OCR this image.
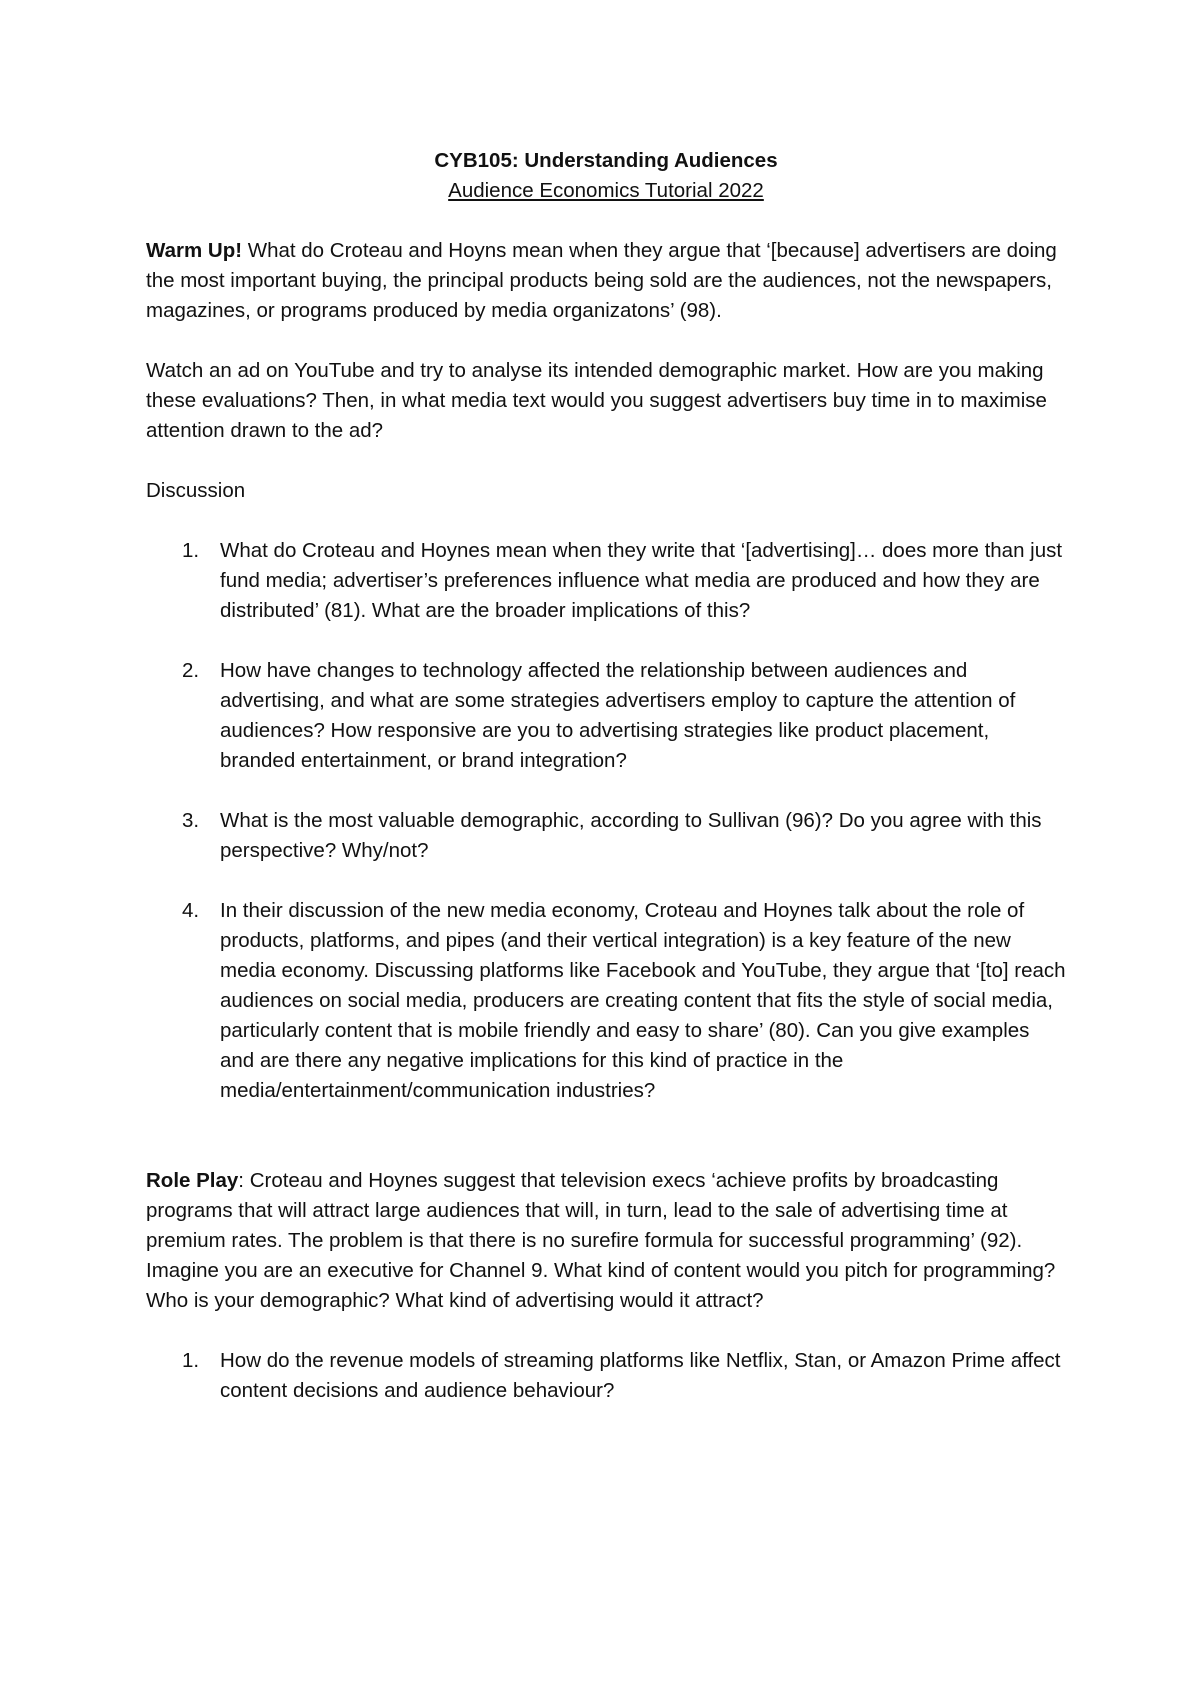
CYB105: Understanding Audiences

Audience Economics Tutorial 2022

Warm Up! What do Croteau and Hoyns mean when they argue that ‘[because] advertisers are doing the most important buying, the principal products being sold are the audiences, not the newspapers, magazines, or programs produced by media organizatons’ (98).

Watch an ad on YouTube and try to analyse its intended demographic market. How are you making these evaluations? Then, in what media text would you suggest advertisers buy time in to maximise attention drawn to the ad?

Discussion

1. What do Croteau and Hoynes mean when they write that ‘[advertising]… does more than just fund media; advertiser’s preferences influence what media are produced and how they are distributed’ (81). What are the broader implications of this?
2. How have changes to technology affected the relationship between audiences and advertising, and what are some strategies advertisers employ to capture the attention of audiences? How responsive are you to advertising strategies like product placement, branded entertainment, or brand integration?
3. What is the most valuable demographic, according to Sullivan (96)? Do you agree with this perspective? Why/not?
4. In their discussion of the new media economy, Croteau and Hoynes talk about the role of products, platforms, and pipes (and their vertical integration) is a key feature of the new media economy. Discussing platforms like Facebook and YouTube, they argue that ‘[to] reach audiences on social media, producers are creating content that fits the style of social media, particularly content that is mobile friendly and easy to share’ (80). Can you give examples and are there any negative implications for this kind of practice in the media/entertainment/communication industries?

Role Play: Croteau and Hoynes suggest that television execs ‘achieve profits by broadcasting programs that will attract large audiences that will, in turn, lead to the sale of advertising time at premium rates. The problem is that there is no surefire formula for successful programming’ (92). Imagine you are an executive for Channel 9. What kind of content would you pitch for programming? Who is your demographic? What kind of advertising would it attract?

1. How do the revenue models of streaming platforms like Netflix, Stan, or Amazon Prime affect content decisions and audience behaviour?
